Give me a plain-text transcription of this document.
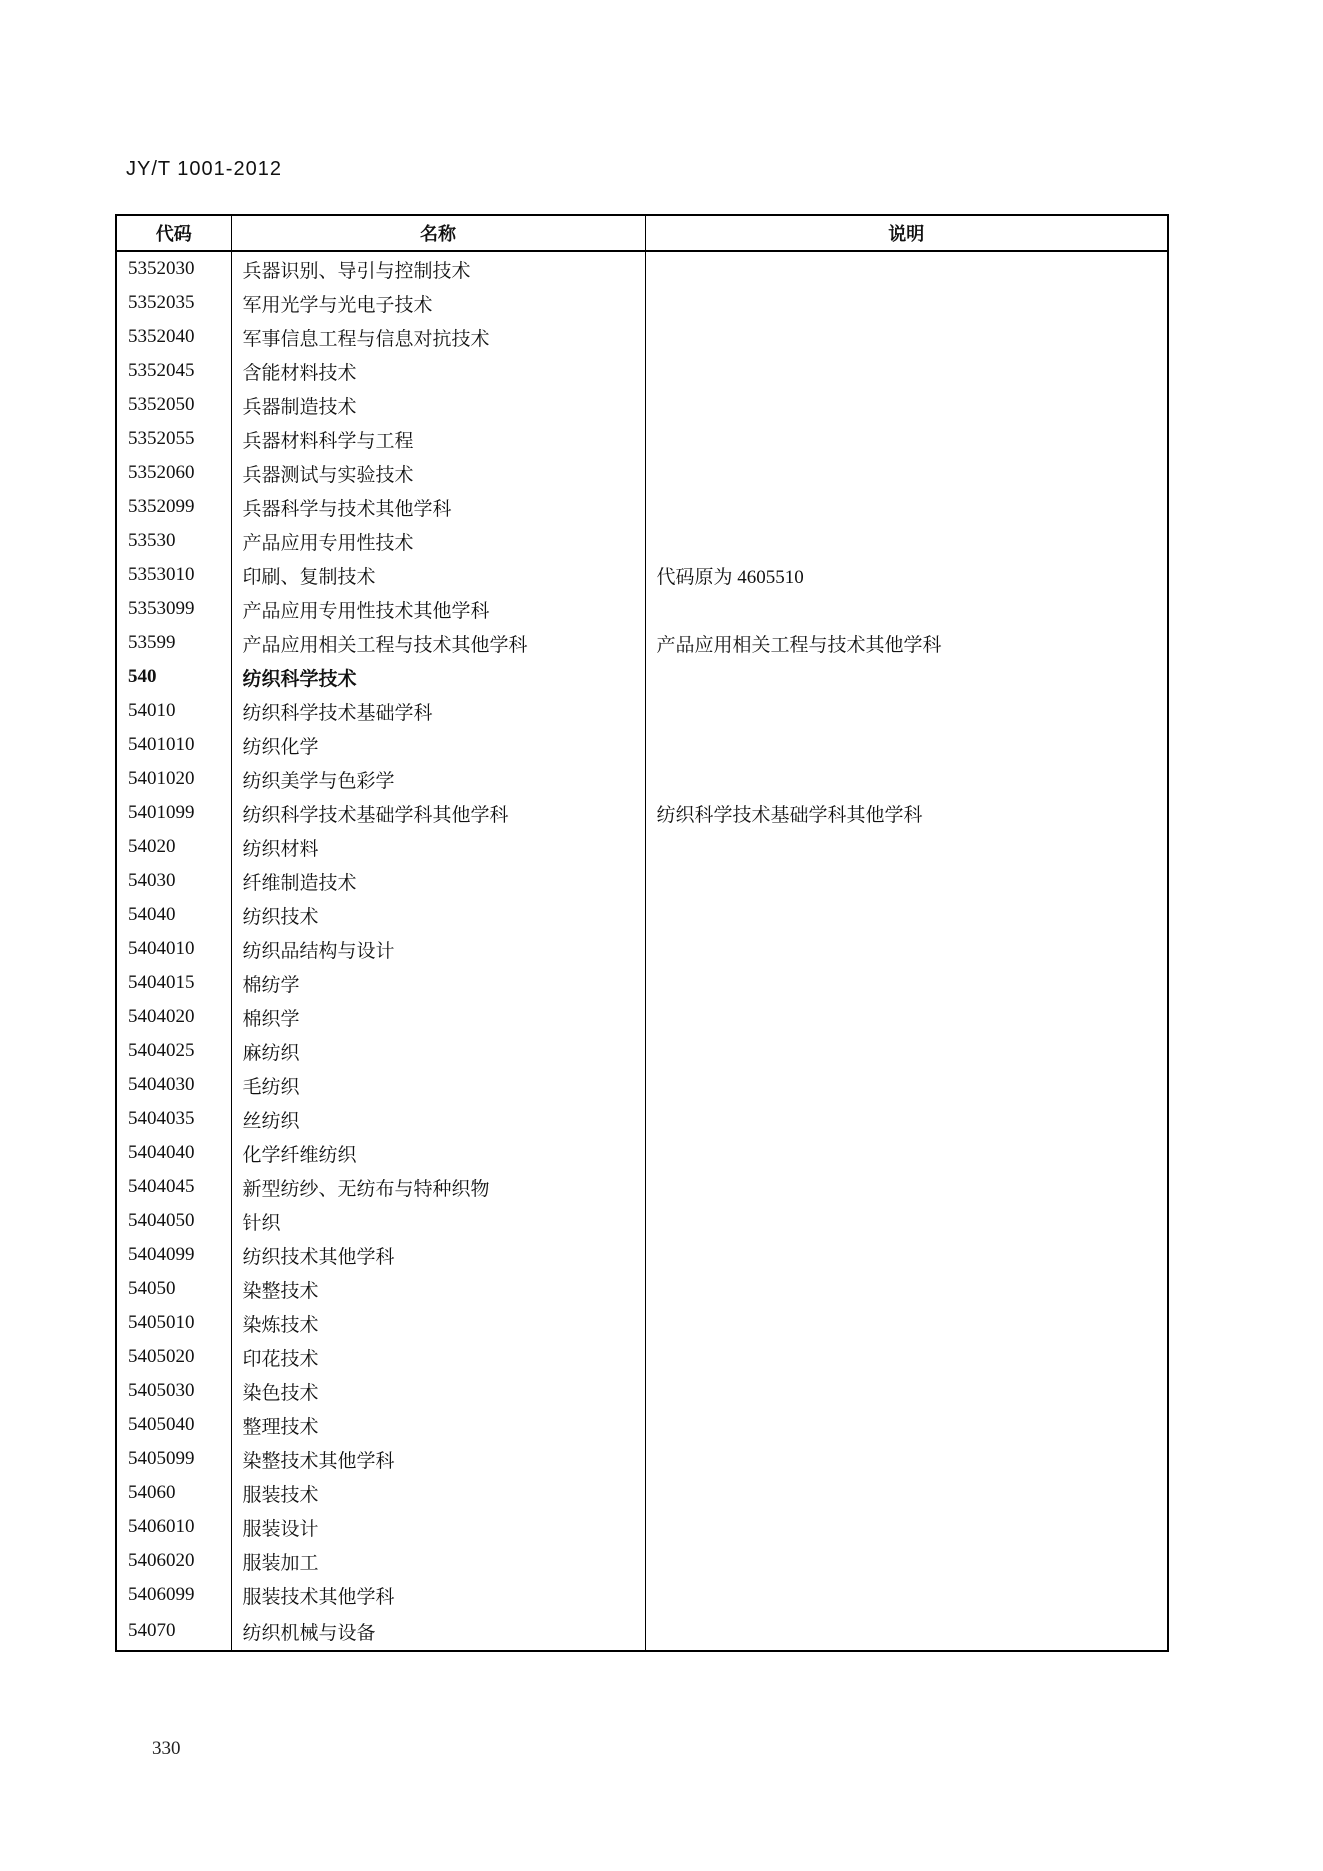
JY/T 1001-2012
代码	名称	说明
5352030	兵器识别、导引与控制技术	
5352035	军用光学与光电子技术	
5352040	军事信息工程与信息对抗技术	
5352045	含能材料技术	
5352050	兵器制造技术	
5352055	兵器材料科学与工程	
5352060	兵器测试与实验技术	
5352099	兵器科学与技术其他学科	
53530	产品应用专用性技术	
5353010	印刷、复制技术	代码原为 4605510
5353099	产品应用专用性技术其他学科	
53599	产品应用相关工程与技术其他学科	产品应用相关工程与技术其他学科
540	纺织科学技术	
54010	纺织科学技术基础学科	
5401010	纺织化学	
5401020	纺织美学与色彩学	
5401099	纺织科学技术基础学科其他学科	纺织科学技术基础学科其他学科
54020	纺织材料	
54030	纤维制造技术	
54040	纺织技术	
5404010	纺织品结构与设计	
5404015	棉纺学	
5404020	棉织学	
5404025	麻纺织	
5404030	毛纺织	
5404035	丝纺织	
5404040	化学纤维纺织	
5404045	新型纺纱、无纺布与特种织物	
5404050	针织	
5404099	纺织技术其他学科	
54050	染整技术	
5405010	染炼技术	
5405020	印花技术	
5405030	染色技术	
5405040	整理技术	
5405099	染整技术其他学科	
54060	服装技术	
5406010	服装设计	
5406020	服装加工	
5406099	服装技术其他学科	
54070	纺织机械与设备	
330
